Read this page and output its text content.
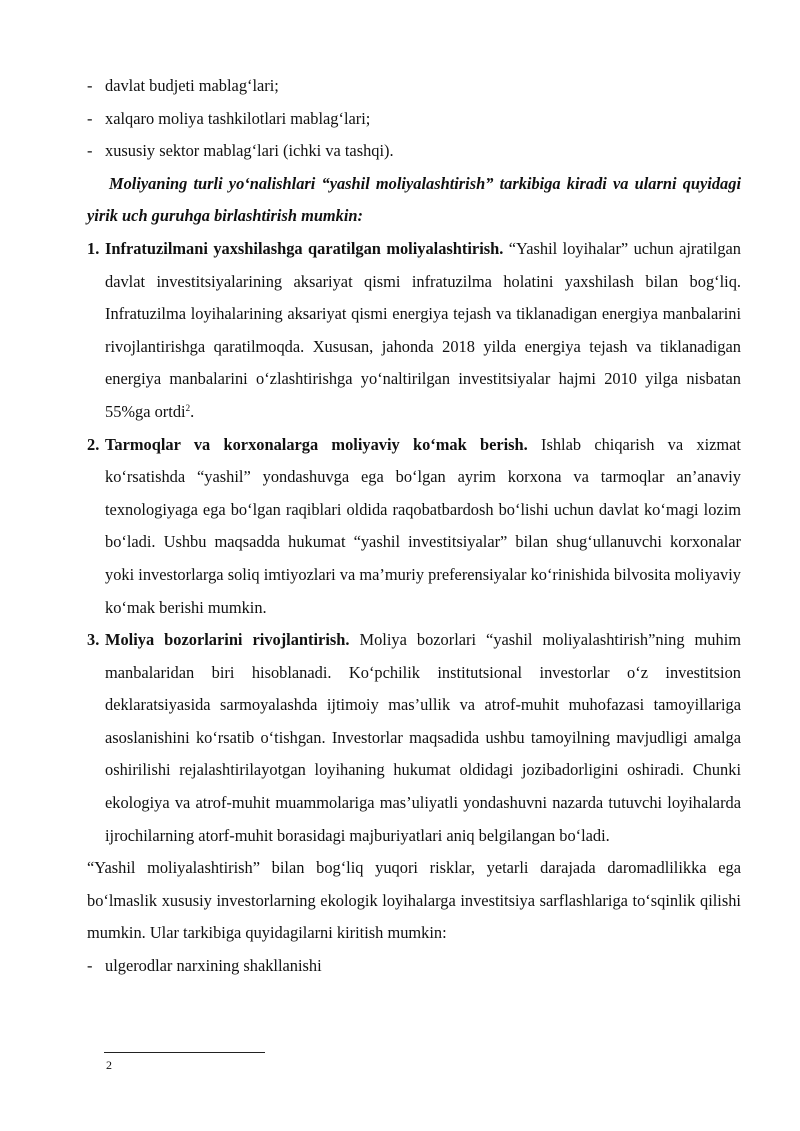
- davlat budjeti mablag‘lari;
- xalqaro moliya tashkilotlari mablag‘lari;
- xususiy sektor mablag‘lari (ichki va tashqi).
Moliyaning turli yo‘nalishlari “yashil moliyalashtirish” tarkibiga kiradi va ularni quyidagi yirik uch guruhga birlashtirish mumkin:
1. Infratuzilmani yaxshilashga qaratilgan moliyalashtirish. “Yashil loyihalar” uchun ajratilgan davlat investitsiyalarining aksariyat qismi infratuzilma holatini yaxshilash bilan bog‘liq. Infratuzilma loyihalarining aksariyat qismi energiya tejash va tiklanadigan energiya manbalarini rivojlantirishga qaratilmoqda. Xususan, jahonda 2018 yilda energiya tejash va tiklanadigan energiya manbalarini o‘zlashtirishga yo‘naltirilgan investitsiyalar hajmi 2010 yilga nisbatan 55%ga ortdi$^2$.
2. Tarmoqlar va korxonalarga moliyaviy ko‘mak berish. Ishlab chiqarish va xizmat ko‘rsatishda “yashil” yondashuvga ega bo‘lgan ayrim korxona va tarmoqlar an’anaviy texnologiyaga ega bo‘lgan raqiblari oldida raqobatbardosh bo‘lishi uchun davlat ko‘magi lozim bo‘ladi. Ushbu maqsadda hukumat “yashil investitsiyalar” bilan shug‘ullanuvchi korxonalar yoki investorlarga soliq imtiyozlari va ma’muriy preferensiyalar ko‘rinishida bilvosita moliyaviy ko‘mak berishi mumkin.
3. Moliya bozorlarini rivojlantirish. Moliya bozorlari “yashil moliyalashtirish”ning muhim manbalaridan biri hisoblanadi. Ko‘pchilik institutsional investorlar o‘z investitsion deklaratsiyasida sarmoyalashda ijtimoiy mas’ullik va atrof-muhit muhofazasi tamoyillariga asoslanishini ko‘rsatib o‘tishgan. Investorlar maqsadida ushbu tamoyilning mavjudligi amalga oshirilishi rejalashtirilayotgan loyihaning hukumat oldidagi jozibadorligini oshiradi. Chunki ekologiya va atrof-muhit muammolariga mas’uliyatli yondashuvni nazarda tutuvchi loyihalarda ijrochilarning atorf-muhit borasidagi majburiyatlari aniq belgilangan bo‘ladi.
“Yashil moliyalashtirish” bilan bog‘liq yuqori risklar, yetarli darajada daromadlilikka ega bo‘lmaslik xususiy investorlarning ekologik loyihalarga investitsiya sarflashlariga to‘sqinlik qilishi mumkin. Ular tarkibiga quyidagilarni kiritish mumkin:
- ulgerodlar narxining shakllanishi
2
